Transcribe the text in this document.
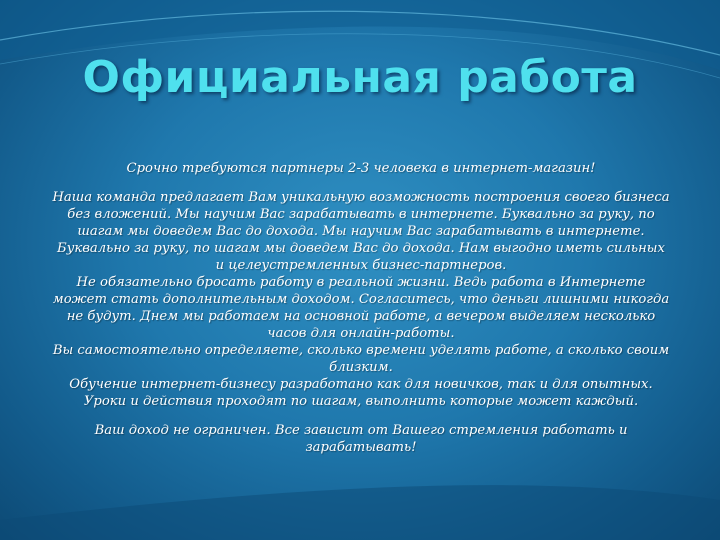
Официальная работа

Срочно требуются партнеры 2-3 человека в интернет-магазин!

Наша команда предлагает Вам уникальную возможность построения своего бизнеса без вложений. Мы научим Вас зарабатывать в интернете. Буквально за руку, по шагам мы доведем Вас до дохода. Мы научим Вас зарабатывать в интернете. Буквально за руку, по шагам мы доведем Вас до дохода. Нам выгодно иметь сильных и целеустремленных бизнес-партнеров.

Не обязательно бросать работу в реальной жизни. Ведь работа в Интернете может стать дополнительным доходом. Согласитесь, что деньги лишними никогда не будут. Днем мы работаем на основной работе, а вечером выделяем несколько часов для онлайн-работы.

Вы самостоятельно определяете, сколько времени уделять работе, а сколько своим близким.

Обучение интернет-бизнесу разработано как для новичков, так и для опытных. Уроки и действия проходят по шагам, выполнить которые может каждый.

Ваш доход не ограничен. Все зависит от Вашего стремления работать и зарабатывать!
